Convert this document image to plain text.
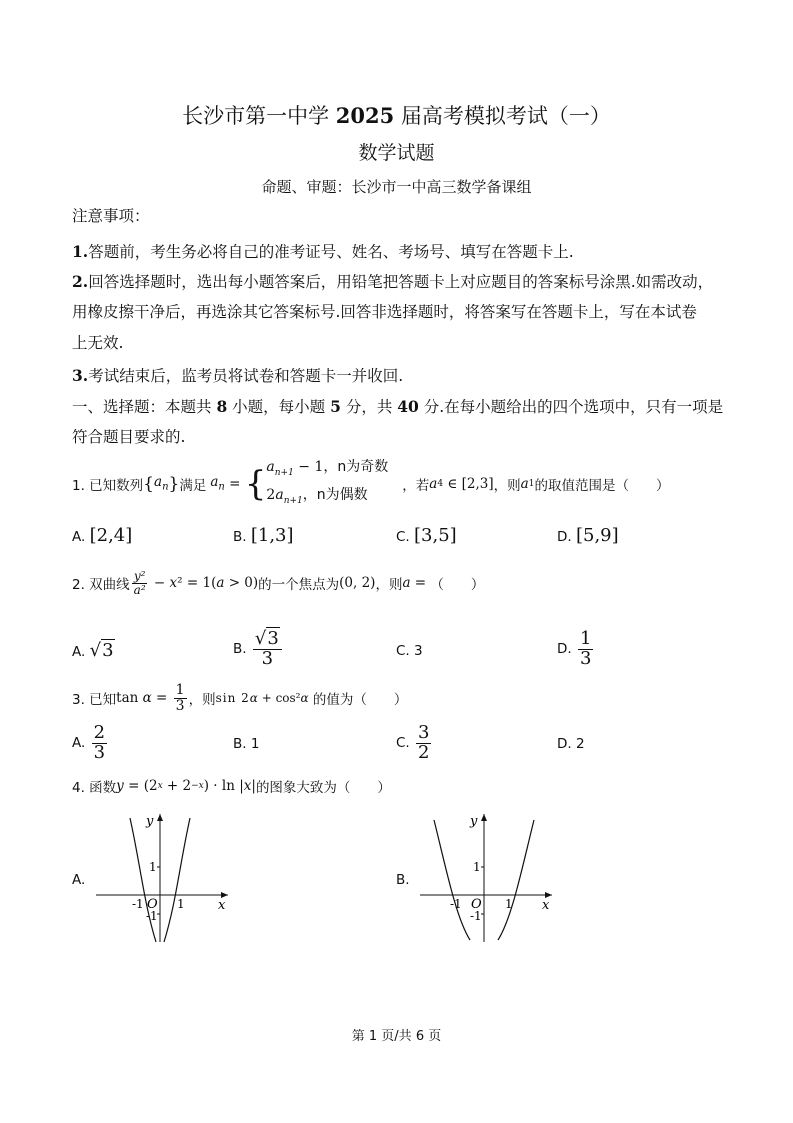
长沙市第一中学 2025 届高考模拟考试（一）
数学试题
命题、审题：长沙市一中高三数学备课组
注意事项：
1.答题前，考生务必将自己的准考证号、姓名、考场号、填写在答题卡上.
2.回答选择题时，选出每小题答案后，用铅笔把答题卡上对应题目的答案标号涂黑.如需改动，
用橡皮擦干净后，再选涂其它答案标号.回答非选择题时，将答案写在答题卡上，写在本试卷
上无效.
3.考试结束后，监考员将试卷和答题卡一并收回.
一、选择题：本题共 8 小题，每小题 5 分，共 40 分.在每小题给出的四个选项中，只有一项是
符合题目要求的.
1. 已知数列 { $a_n$ } 满足 $a_n$ = { $a_{n+1} - 1$，n为奇数
$2a_{n+1}$，n为偶数
，若 a 4 ∈ [2,3] ，则 a 1 的取值范围是（　　）
A. [2,4]	B. [1,3]	C. [3,5]	D. [5,9]
2. 双曲线 $\frac{\text{y²}}{\text{a²}} - x$ ² = 1( a > 0) 的一个焦点为 (0, 2) ，则 a = （　　）
A. √3	B.
$\frac{√3}{3}$	C. 3	D.
$\frac{1}{3}$
3. 已知 $\tan \alpha = \frac{1}{3}$ ，则 sin 2 α + cos² α
的值为（　　）
A.
$\frac{2}{3}$	B. 1	C.
$\frac{3}{2}$	D. 2
4. 函数 y = (2 x + 2 −x ) · ln | x | 的图象大致为（　　）
A.
y
x
O
1
1
-1
-1
B.
y
x
O
1
1
-1
-1
第 1 页/共 6 页
